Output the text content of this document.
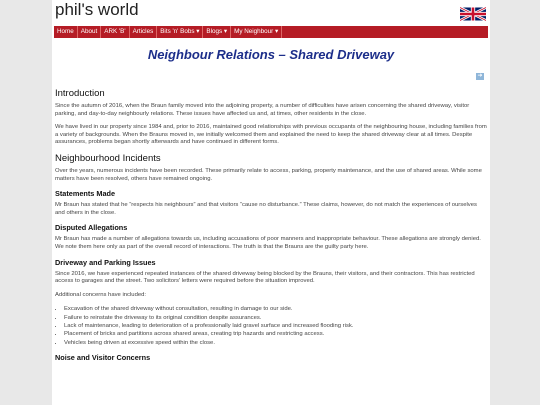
phil's world
Home	About	ARK 'B'	Articles	Bits 'n' Bobs ▾	Blogs ▾	My Neighbour ▾
Neighbour Relations – Shared Driveway
➜
Introduction

Since the autumn of 2016, when the Braun family moved into the adjoining property, a number of difficulties have arisen concerning the shared driveway, visitor parking, and day-to-day neighbourly relations. These issues have affected us and, at times, other residents in the close.

We have lived in our property since 1984 and, prior to 2016, maintained good relationships with previous occupants of the neighbouring house, including families from a variety of backgrounds. When the Brauns moved in, we initially welcomed them and explained the need to keep the shared driveway clear at all times. Despite assurances, problems began shortly afterwards and have continued in different forms.

Neighbourhood Incidents

Over the years, numerous incidents have been recorded. These primarily relate to access, parking, property maintenance, and the use of shared areas. While some matters have been resolved, others have remained ongoing.

Statements Made

Mr Braun has stated that he “respects his neighbours” and that visitors “cause no disturbance.” These claims, however, do not match the experiences of ourselves and others in the close.

Disputed Allegations

Mr Braun has made a number of allegations towards us, including accusations of poor manners and inappropriate behaviour. These allegations are strongly denied. We note them here only as part of the overall record of interactions. The truth is that the Brauns are the guilty party here.

Driveway and Parking Issues

Since 2016, we have experienced repeated instances of the shared driveway being blocked by the Brauns, their visitors, and their contractors. This has restricted access to garages and the street. Two solicitors' letters were required before the situation improved.

Additional concerns have included:

• Excavation of the shared driveway without consultation, resulting in damage to our side.
• Failure to reinstate the driveway to its original condition despite assurances.
• Lack of maintenance, leading to deterioration of a professionally laid gravel surface and increased flooding risk.
• Placement of bricks and partitions across shared areas, creating trip hazards and restricting access.
• Vehicles being driven at excessive speed within the close.
Noise and Visitor Concerns
